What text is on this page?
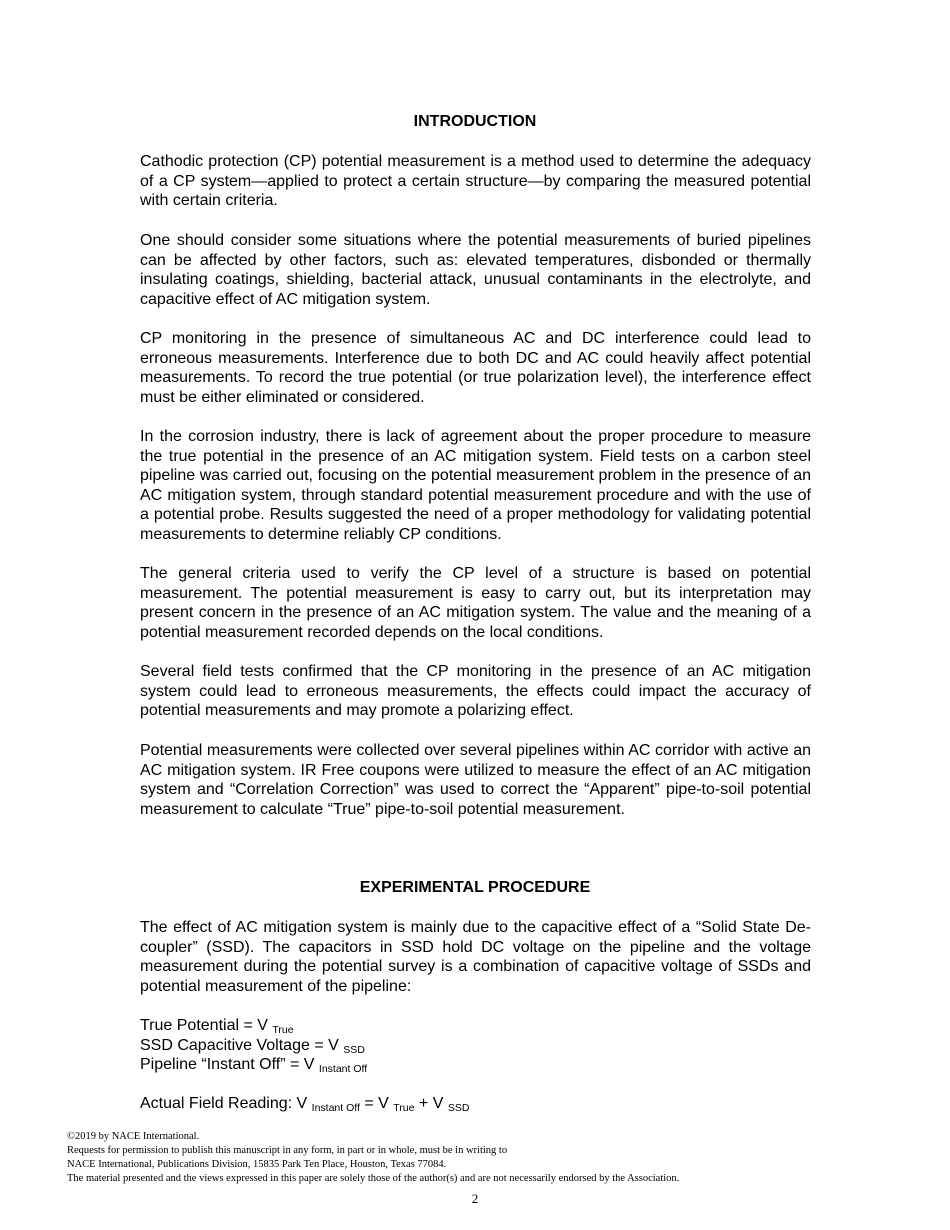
INTRODUCTION

Cathodic protection (CP) potential measurement is a method used to determine the adequacy of a CP system—applied to protect a certain structure—by comparing the measured potential with certain criteria.

One should consider some situations where the potential measurements of buried pipelines can be affected by other factors, such as: elevated temperatures, disbonded or thermally insulating coatings, shielding, bacterial attack, unusual contaminants in the electrolyte, and capacitive effect of AC mitigation system.

CP monitoring in the presence of simultaneous AC and DC interference could lead to erroneous measurements. Interference due to both DC and AC could heavily affect potential measurements. To record the true potential (or true polarization level), the interference effect must be either eliminated or considered.

In the corrosion industry, there is lack of agreement about the proper procedure to measure the true potential in the presence of an AC mitigation system. Field tests on a carbon steel pipeline was carried out, focusing on the potential measurement problem in the presence of an AC mitigation system, through standard potential measurement procedure and with the use of a potential probe. Results suggested the need of a proper methodology for validating potential measurements to determine reliably CP conditions.

The general criteria used to verify the CP level of a structure is based on potential measurement. The potential measurement is easy to carry out, but its interpretation may present concern in the presence of an AC mitigation system. The value and the meaning of a potential measurement recorded depends on the local conditions.

Several field tests confirmed that the CP monitoring in the presence of an AC mitigation system could lead to erroneous measurements, the effects could impact the accuracy of potential measurements and may promote a polarizing effect.

Potential measurements were collected over several pipelines within AC corridor with active an AC mitigation system. IR Free coupons were utilized to measure the effect of an AC mitigation system and “Correlation Correction” was used to correct the “Apparent” pipe-to-soil potential measurement to calculate “True” pipe-to-soil potential measurement.

EXPERIMENTAL PROCEDURE

The effect of AC mitigation system is mainly due to the capacitive effect of a “Solid State De-coupler” (SSD). The capacitors in SSD hold DC voltage on the pipeline and the voltage measurement during the potential survey is a combination of capacitive voltage of SSDs and potential measurement of the pipeline:

True Potential = V $_{True}$
SSD Capacitive Voltage = V $_{SSD}$
Pipeline “Instant Off” = V $_{Instant Off}$
Actual Field Reading: V $_{Instant Off}$ = V $_{True}$ + V $_{SSD}$
©2019 by NACE International.
Requests for permission to publish this manuscript in any form, in part or in whole, must be in writing to
NACE International, Publications Division, 15835 Park Ten Place, Houston, Texas 77084.
The material presented and the views expressed in this paper are solely those of the author(s) and are not necessarily endorsed by the Association.
2
